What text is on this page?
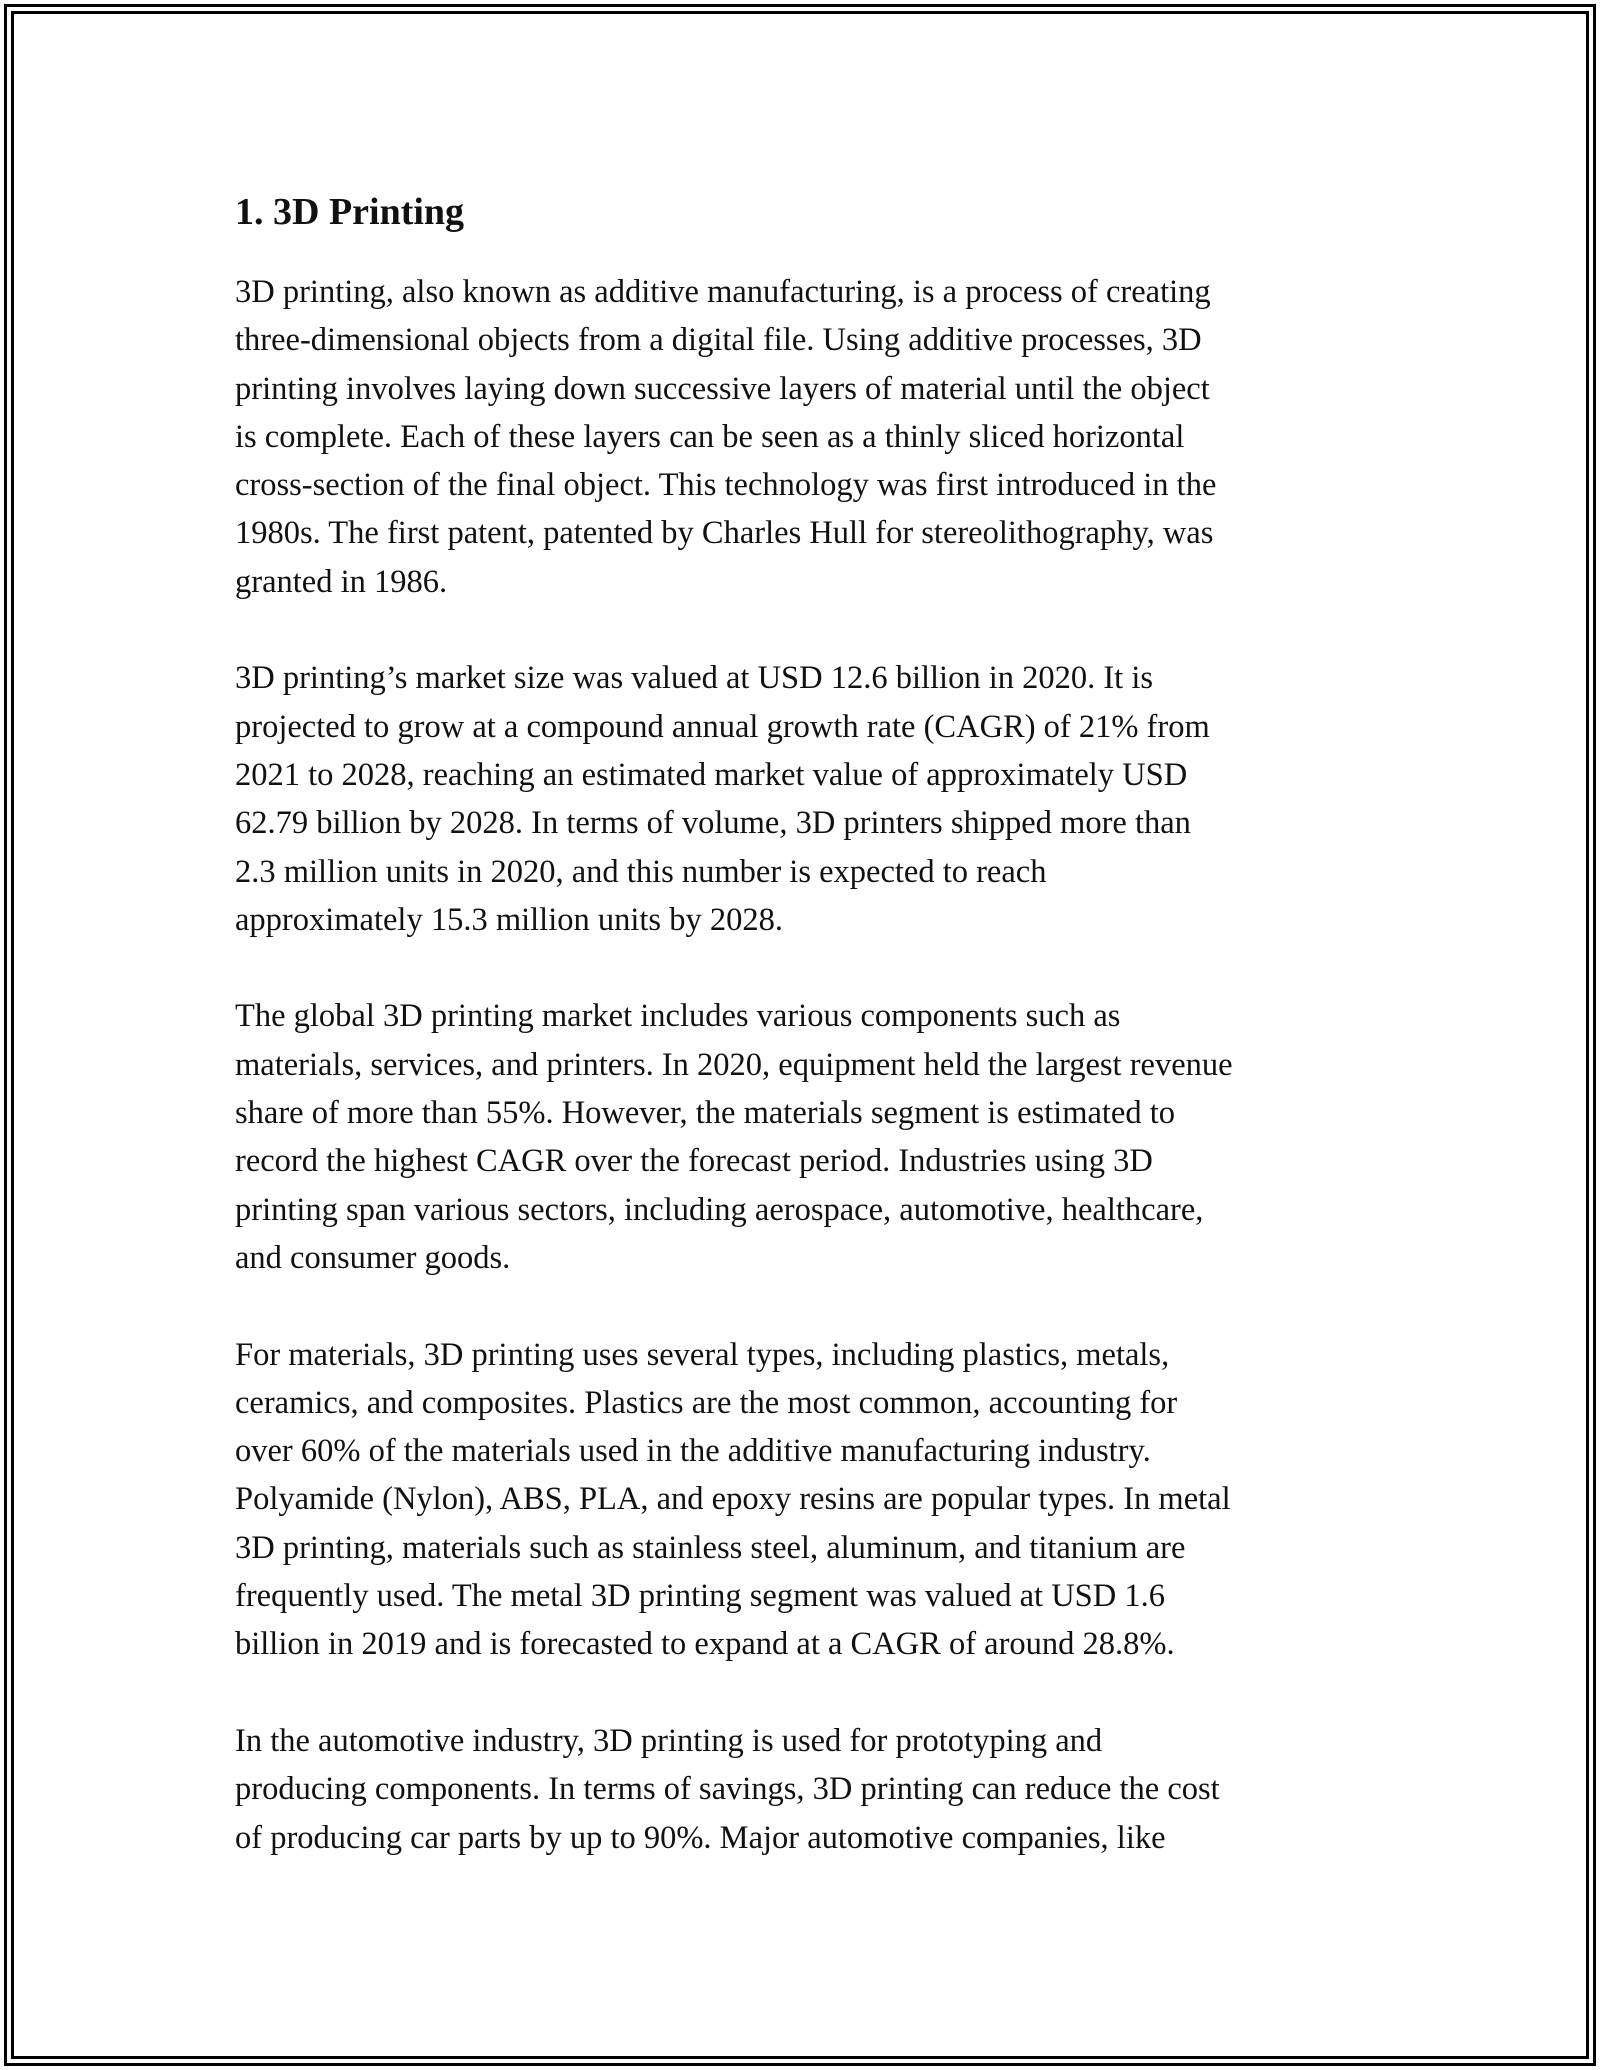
1. 3D Printing

3D printing, also known as additive manufacturing, is a process of creating
three-dimensional objects from a digital file. Using additive processes, 3D
printing involves laying down successive layers of material until the object
is complete. Each of these layers can be seen as a thinly sliced horizontal
cross-section of the final object. This technology was first introduced in the
1980s. The first patent, patented by Charles Hull for stereolithography, was
granted in 1986.

3D printing’s market size was valued at USD 12.6 billion in 2020. It is
projected to grow at a compound annual growth rate (CAGR) of 21% from
2021 to 2028, reaching an estimated market value of approximately USD
62.79 billion by 2028. In terms of volume, 3D printers shipped more than
2.3 million units in 2020, and this number is expected to reach
approximately 15.3 million units by 2028.

The global 3D printing market includes various components such as
materials, services, and printers. In 2020, equipment held the largest revenue
share of more than 55%. However, the materials segment is estimated to
record the highest CAGR over the forecast period. Industries using 3D
printing span various sectors, including aerospace, automotive, healthcare,
and consumer goods.

For materials, 3D printing uses several types, including plastics, metals,
ceramics, and composites. Plastics are the most common, accounting for
over 60% of the materials used in the additive manufacturing industry.
Polyamide (Nylon), ABS, PLA, and epoxy resins are popular types. In metal
3D printing, materials such as stainless steel, aluminum, and titanium are
frequently used. The metal 3D printing segment was valued at USD 1.6
billion in 2019 and is forecasted to expand at a CAGR of around 28.8%.

In the automotive industry, 3D printing is used for prototyping and
producing components. In terms of savings, 3D printing can reduce the cost
of producing car parts by up to 90%. Major automotive companies, like
